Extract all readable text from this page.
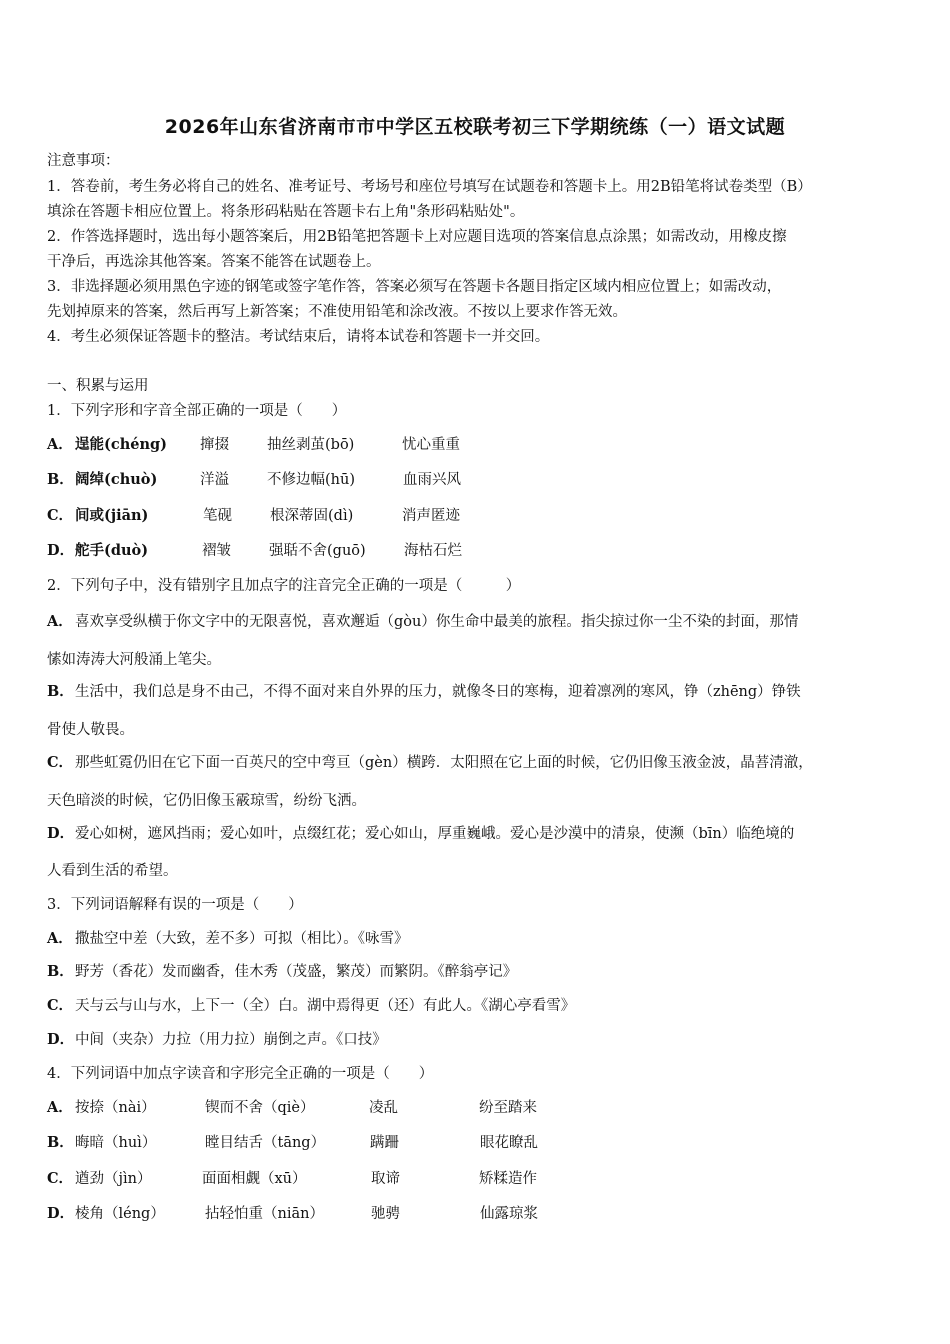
2026年山东省济南市市中学区五校联考初三下学期统练（一）语文试题
注意事项：
1．答卷前，考生务必将自己的姓名、准考证号、考场号和座位号填写在试题卷和答题卡上。用2B铅笔将试卷类型（B）
填涂在答题卡相应位置上。将条形码粘贴在答题卡右上角"条形码粘贴处"。
2．作答选择题时，选出每小题答案后，用2B铅笔把答题卡上对应题目选项的答案信息点涂黑；如需改动，用橡皮擦
干净后，再选涂其他答案。答案不能答在试题卷上。
3．非选择题必须用黑色字迹的钢笔或签字笔作答，答案必须写在答题卡各题目指定区域内相应位置上；如需改动，
先划掉原来的答案，然后再写上新答案；不准使用铅笔和涂改液。不按以上要求作答无效。
4．考生必须保证答题卡的整洁。考试结束后，请将本试卷和答题卡一并交回。
一、积累与运用
1．下列字形和字音全部正确的一项是（　　）
A． 逞能(chéng) 撺掇	抽丝剥茧(bō)	忧心重重
B． 阔绰(chuò)	洋溢	不修边幅(hū)	血雨兴风
C． 间或(jiān)	笔砚	根深蒂固(dì)	消声匿迹
D． 舵手(duò)	褶皱	强聒不舍(guō)	海枯石烂
2．下列句子中，没有错别字且加点字的注音完全正确的一项是（　　　）
A． 喜欢享受纵横于你文字中的无限喜悦，喜欢邂逅（gòu）你生命中最美的旅程。指尖掠过你一尘不染的封面，那情
愫如涛涛大河般涌上笔尖。
B． 生活中，我们总是身不由己，不得不面对来自外界的压力，就像冬日的寒梅，迎着凛冽的寒风，铮（zhēng）铮铁
骨使人敬畏。
C． 那些虹霓仍旧在它下面一百英尺的空中弯亘（gèn）横跨．太阳照在它上面的时候，它仍旧像玉液金波，晶䓊清澈，
天色暗淡的时候，它仍旧像玉霰琼雪，纷纷飞洒。
D． 爱心如树，遮风挡雨；爱心如叶，点缀红花；爱心如山，厚重巍峨。爱心是沙漠中的清泉，使濒（bīn）临绝境的
人看到生活的希望。
3．下列词语解释有误的一项是（　　）
A． 撒盐空中差（大致，差不多）可拟（相比）。《咏雪》
B． 野芳（香花）发而幽香，佳木秀（茂盛，繁茂）而繁阴。《醉翁亭记》
C． 天与云与山与水，上下一（全）白。湖中焉得更（还）有此人。《湖心亭看雪》
D． 中间（夹杂）力拉（用力拉）崩倒之声。《口技》
4．下列词语中加点字读音和字形完全正确的一项是（　　）
A． 按捺（nài）	锲而不舍（qiè）	凌乱	纷至踏来
B． 晦暗（huì）	瞠目结舌（tāng）	蹒跚	眼花瞭乱
C． 遒劲（jìn）	面面相觑（xū）	取谛	矫糅造作
D． 棱角（léng）	拈轻怕重（niān）	驰骋	仙露琼浆
